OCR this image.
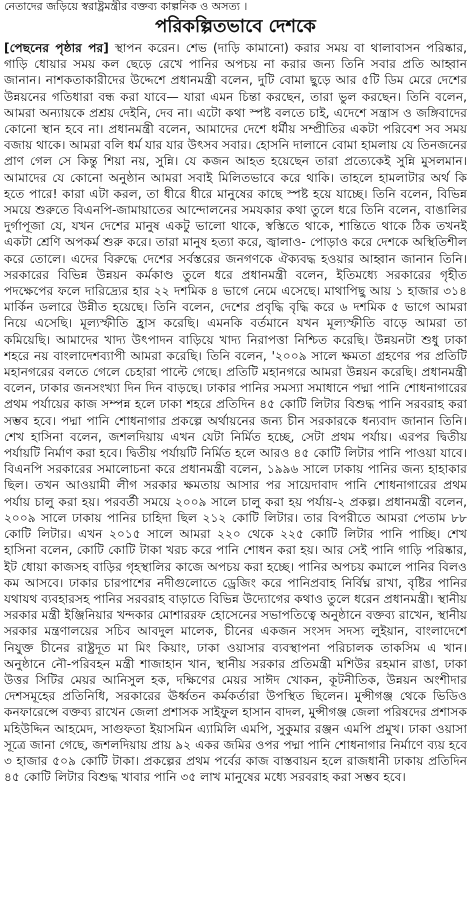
নেতাদের জড়িয়ে স্বরাষ্ট্রমন্ত্রীর বক্তব্য কাল্পনিক ও অসত্য ।
পরিকল্পিতভাবে দেশকে

[পেছনের পৃষ্ঠার পর] স্থাপন করেন। শেভ (দাড়ি কামানো) করার সময় বা থালাবাসন পরিষ্কার, গাড়ি ধোয়ার সময় কল ছেড়ে রেখে পানির অপচয় না করার জন্য তিনি সবার প্রতি আহ্বান জানান। নাশকতাকারীদের উদ্দেশে প্রধানমন্ত্রী বলেন, দুটি বোমা ছুড়ে আর ৫টি ডিম মেরে দেশের উন্নয়নের গতিধারা বন্ধ করা যাবে— যারা এমন চিন্তা করছেন, তারা ভুল করছেন। তিনি বলেন, আমরা অন্যায়কে প্রশ্রয় দেইনি, দেব না। এটো কথা স্পষ্ট বলতে চাই, এদেশে সন্ত্রাস ও জঙ্গিবাদের কোনো স্থান হবে না। প্রধানমন্ত্রী বলেন, আমাদের দেশে ধর্মীয় সম্প্রীতির একটা পরিবেশ সব সময় বজায় থাকে। আমরা বলি ধর্ম যার যার উৎসব সবার। হোসনি দালানে বোমা হামলায় যে তিনজনের প্রাণ গেল সে কিন্তু শিয়া নয়, সুন্নি। যে কজন আহত হয়েছেন তারা প্রত্যেকেই সুন্নি মুসলমান। আমাদের যে কোনো অনুষ্ঠান আমরা সবাই মিলিতভাবে করে থাকি। তাহলে হামলাটার অর্থ কি হতে পারে! কারা এটা করল, তা ধীরে ধীরে মানুষের কাছে স্পষ্ট হয়ে যাচ্ছে। তিনি বলেন, বিভিন্ন সময়ে শুরুতে বিএনপি-জামায়াতের আন্দোলনের সমযকার কথা তুলে ধরে তিনি বলেন, বাঙালির দুর্গাপূজা যে, যখন দেশের মানুষ একটু ভালো থাকে, স্বস্তিতে থাকে, শান্তিতে থাকে ঠিক তখনই একটা শ্রেণি অপকর্ম শুরু করে। তারা মানুষ হত্যা করে, জ্বালাও- পোড়াও করে দেশকে অস্থিতিশীল করে তোলে। এদের বিরুদ্ধে দেশের সর্বস্তরের জনগণকে ঐক্যবদ্ধ হওয়ার আহ্বান জানান তিনি। সরকারের বিভিন্ন উন্নয়ন কর্মকাণ্ড তুলে ধরে প্রধানমন্ত্রী বলেন, ইতিমধ্যে সরকারের গৃহীত পদক্ষেপের ফলে দারিদ্র্যের হার ২২ দশমিক ৪ ভাগে নেমে এসেছে। মাথাপিছু আয় ১ হাজার ৩১৪ মার্কিন ডলারে উন্নীত হয়েছে। তিনি বলেন, দেশের প্রবৃদ্ধি বৃদ্ধি করে ৬ দশমিক ৫ ভাগে আমরা নিয়ে এসেছি। মূল্যস্ফীতি হ্রাস করেছি। এমনকি বর্তমানে যখন মূল্যস্ফীতি বাড়ে আমরা তা কমিয়েছি। আমাদের খাদ্য উৎপাদন বাড়িয়ে খাদ্য নিরাপত্তা নিশ্চিত করেছি। উন্নয়নটা শুধু ঢাকা শহরে নয় বাংলাদেশব্যাপী আমরা করেছি। তিনি বলেন, '২০০৯ সালে ক্ষমতা গ্রহণের পর প্রতিটি মহানগরের বলতে গেলে চেহারা পাল্টে গেছে। প্রতিটি মহানগরে আমরা উন্নয়ন করেছি। প্রধানমন্ত্রী বলেন, ঢাকার জনসংখ্যা দিন দিন বাড়ছে। ঢাকার পানির সমস্যা সমাধানে পদ্মা পানি শোধনাগারের প্রথম পর্যায়ের কাজ সম্পন্ন হলে ঢাকা শহরে প্রতিদিন ৪৫ কোটি লিটার বিশুদ্ধ পানি সরবরাহ করা সম্ভব হবে। পদ্মা পানি শোধনাগার প্রকল্পে অর্থায়নের জন্য চীন সরকারকে ধন্যবাদ জানান তিনি। শেখ হাসিনা বলেন, জশলদিয়ায় এখন যেটা নির্মিত হচ্ছে, সেটা প্রথম পর্যায়। এরপর দ্বিতীয় পর্যায়টি নির্মাণ করা হবে। দ্বিতীয় পর্যায়টি নির্মিত হলে আরও ৪৫ কোটি লিটার পানি পাওয়া যাবে। বিএনপি সরকারের সমালোচনা করে প্রধানমন্ত্রী বলেন, ১৯৯৬ সালে ঢাকায় পানির জন্য হাহাকার ছিল। তখন আওয়ামী লীগ সরকার ক্ষমতায় আসার পর সায়েদাবাদ পানি শোধনাগারের প্রথম পর্যায় চালু করা হয়। পরবর্তী সময়ে ২০০৯ সালে চালু করা হয় পর্যায়-২ প্রকল্প। প্রধানমন্ত্রী বলেন, ২০০৯ সালে ঢাকায় পানির চাহিদা ছিল ২১২ কোটি লিটার। তার বিপরীতে আমরা পেতাম ৮৮ কোটি লিটার। এখন ২০১৫ সালে আমরা ২২০ থেকে ২২৫ কোটি লিটার পানি পাচ্ছি। শেখ হাসিনা বলেন, কোটি কোটি টাকা খরচ করে পানি শোধন করা হয়। আর সেই পানি গাড়ি পরিষ্কার, ইট ধোয়া কাজসহ বাড়ির গৃহস্থালির কাজে অপচয় করা হচ্ছে। পানির অপচয় কমালে পানির বিলও কম আসবে। ঢাকার চারপাশের নদীগুলোতে ড্রেজিং করে পানিপ্রবাহ নির্বিঘ্ন রাখা, বৃষ্টির পানির যথাযথ ব্যবহারসহ পানির সরবরাহ বাড়াতে বিভিন্ন উদ্যোগের কথাও তুলে ধরেন প্রধানমন্ত্রী। স্থানীয় সরকার মন্ত্রী ইঞ্জিনিয়ার খন্দকার মোশাররফ হোসেনের সভাপতিত্বে অনুষ্ঠানে বক্তব্য রাখেন, স্থানীয় সরকার মন্ত্রণালয়ের সচিব আবদুল মালেক, চীনের একজন সংসদ সদস্য লুইয়ান, বাংলাদেশে নিযুক্ত চীনের রাষ্ট্রদূত মা মিং কিয়াং, ঢাকা ওয়াসার ব্যবস্থাপনা পরিচালক তাকসিম এ খান। অনুষ্ঠানে নৌ-পরিবহন মন্ত্রী শাজাহান খান, স্থানীয় সরকার প্রতিমন্ত্রী মশিউর রহমান রাঙা, ঢাকা উত্তর সিটির মেয়র আনিসুল হক, দক্ষিণের মেয়র সাঈদ খোকন, কূটনীতিক, উন্নয়ন অংশীদার দেশসমূহের প্রতিনিধি, সরকারের ঊর্ধ্বতন কর্মকর্তারা উপস্থিত ছিলেন। মুন্সীগঞ্জ থেকে ভিডিও কনফারেন্সে বক্তব্য রাখেন জেলা প্রশাসক সাইফুল হাসান বাদল, মুন্সীগঞ্জ জেলা পরিষদের প্রশাসক মহিউদ্দিন আহমেদ, সাগুফতা ইয়াসমিন এ্যামিলি এমপি, সুকুমার রঞ্জন এমপি প্রমুখ। ঢাকা ওয়াসা সূত্রে জানা গেছে, জশলদিয়ায় প্রায় ৯২ একর জমির ওপর পদ্মা পানি শোধনাগার নির্মাণে ব্যয় হবে ৩ হাজার ৫০৯ কোটি টাকা। প্রকল্পের প্রথম পর্বের কাজ বাস্তবায়ন হলে রাজধানী ঢাকায় প্রতিদিন ৪৫ কোটি লিটার বিশুদ্ধ খাবার পানি ৩৫ লাখ মানুষের মধ্যে সরবরাহ করা সম্ভব হবে।
